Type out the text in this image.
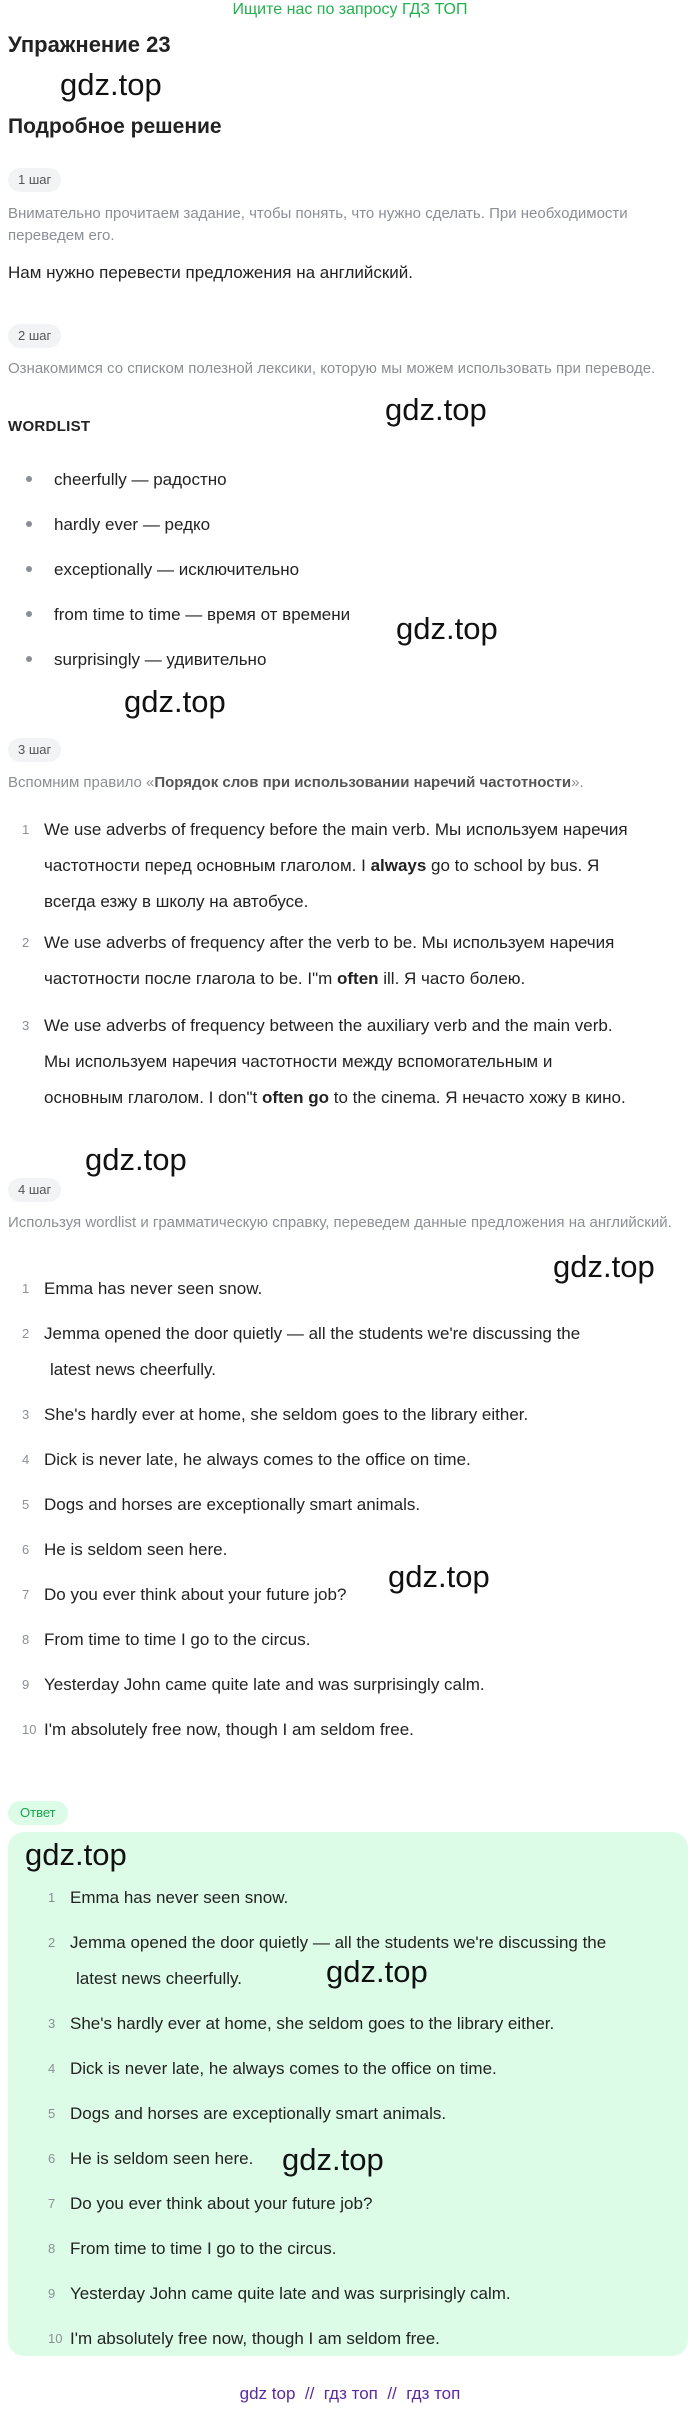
Ищите нас по запросу ГДЗ ТОП
Упражнение 23
gdz.top
Подробное решение
1 шаг
Внимательно прочитаем задание, чтобы понять, что нужно сделать. При необходимости переведем его.
Нам нужно перевести предложения на английский.
2 шаг
Ознакомимся со списком полезной лексики, которую мы можем использовать при переводе.
gdz.top
WORDLIST
cheerfully — радостно
hardly ever — редко
exceptionally — исключительно
from time to time — время от времени gdz.top
surprisingly — удивительно
gdz.top
3 шаг
Вспомним правило «Порядок слов при использовании наречий частотности».
1 We use adverbs of frequency before the main verb. Мы используем наречия
частотности перед основным глаголом. I always go to school by bus. Я
всегда езжу в школу на автобусе.
2 We use adverbs of frequency after the verb to be. Мы используем наречия
частотности после глагола to be. I"m often ill. Я часто болею.
3 We use adverbs of frequency between the auxiliary verb and the main verb.
Мы используем наречия частотности между вспомогательным и
основным глаголом. I don"t often go to the cinema. Я нечасто хожу в кино.
gdz.top
4 шаг
Используя wordlist и грамматическую справку, переведем данные предложения на английский.
gdz.top
1 Emma has never seen snow.
2 Jemma opened the door quietly — all the students we're discussing the
latest news cheerfully.
3 She's hardly ever at home, she seldom goes to the library either.
4 Dick is never late, he always comes to the office on time.
5 Dogs and horses are exceptionally smart animals.
6 He is seldom seen here.
gdz.top
7 Do you ever think about your future job?
8 From time to time I go to the circus.
9 Yesterday John came quite late and was surprisingly calm.
10 I'm absolutely free now, though I am seldom free.
Ответ
gdz.top
1 Emma has never seen snow.
2 Jemma opened the door quietly — all the students we're discussing the
latest news cheerfully.	gdz.top
3 She's hardly ever at home, she seldom goes to the library either.
4 Dick is never late, he always comes to the office on time.
5 Dogs and horses are exceptionally smart animals.
6 He is seldom seen here. gdz.top
7 Do you ever think about your future job?
8 From time to time I go to the circus.
9 Yesterday John came quite late and was surprisingly calm.
10 I'm absolutely free now, though I am seldom free.
gdz top  //  гдз топ  //  гдз топ
